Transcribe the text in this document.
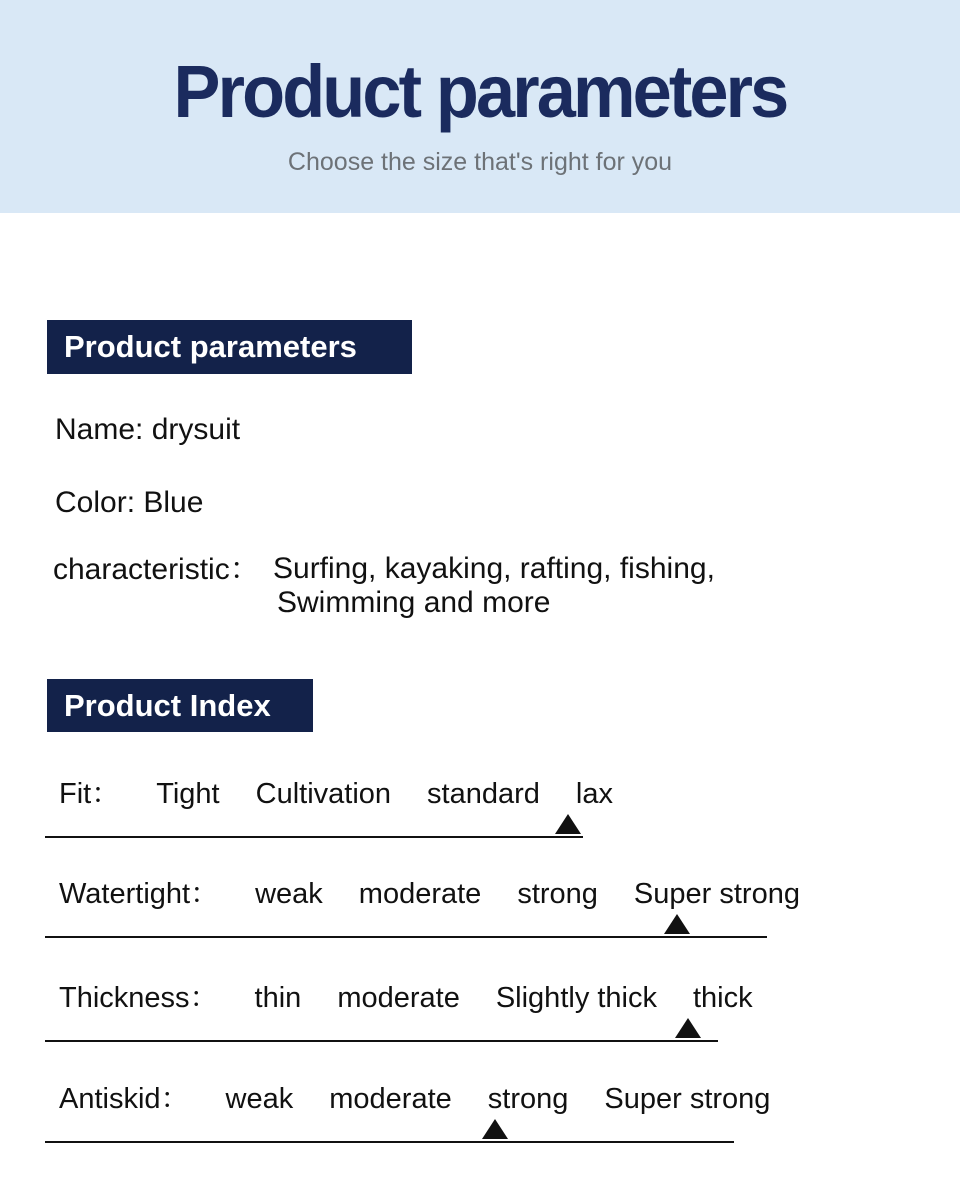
Product parameters
Choose the size that's right for you
Product parameters
Name: drysuit
Color: Blue
characteristic： Surfing, kayaking, rafting, fishing,
Swimming and more
Product Index
Fit： Tight Cultivation standard lax
Watertight： weak moderate strong Super strong
Thickness： thin moderate Slightly thick thick
Antiskid： weak moderate strong Super strong
